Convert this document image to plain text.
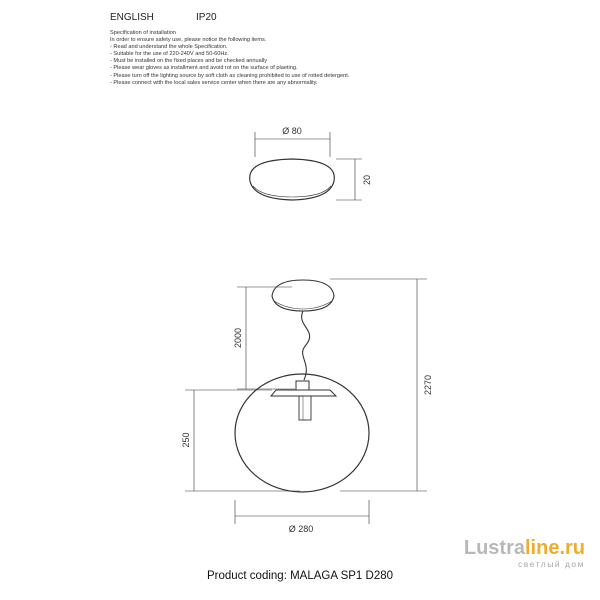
ENGLISH	IP20
Specification of installation
In order to ensure safety use, please notice the following items.
- Read and understand the whole Specification.
- Suitable for the use of 220-240V and 50-60Hz.
- Must be installed on the fixed places and be checked annually
- Please wear gloves as installment and avoid rot on the surface of plaeting.
- Please turn off the lighting source by soft cloth as cleaning prohibited to use of rotted detergent.
- Please connect with the local sales service center when there are any abnormality.
Ø 80
20
2000
250
2270
Ø 280
Product coding: MALAGA SP1 D280
Lustraline.ru
светлый дом
